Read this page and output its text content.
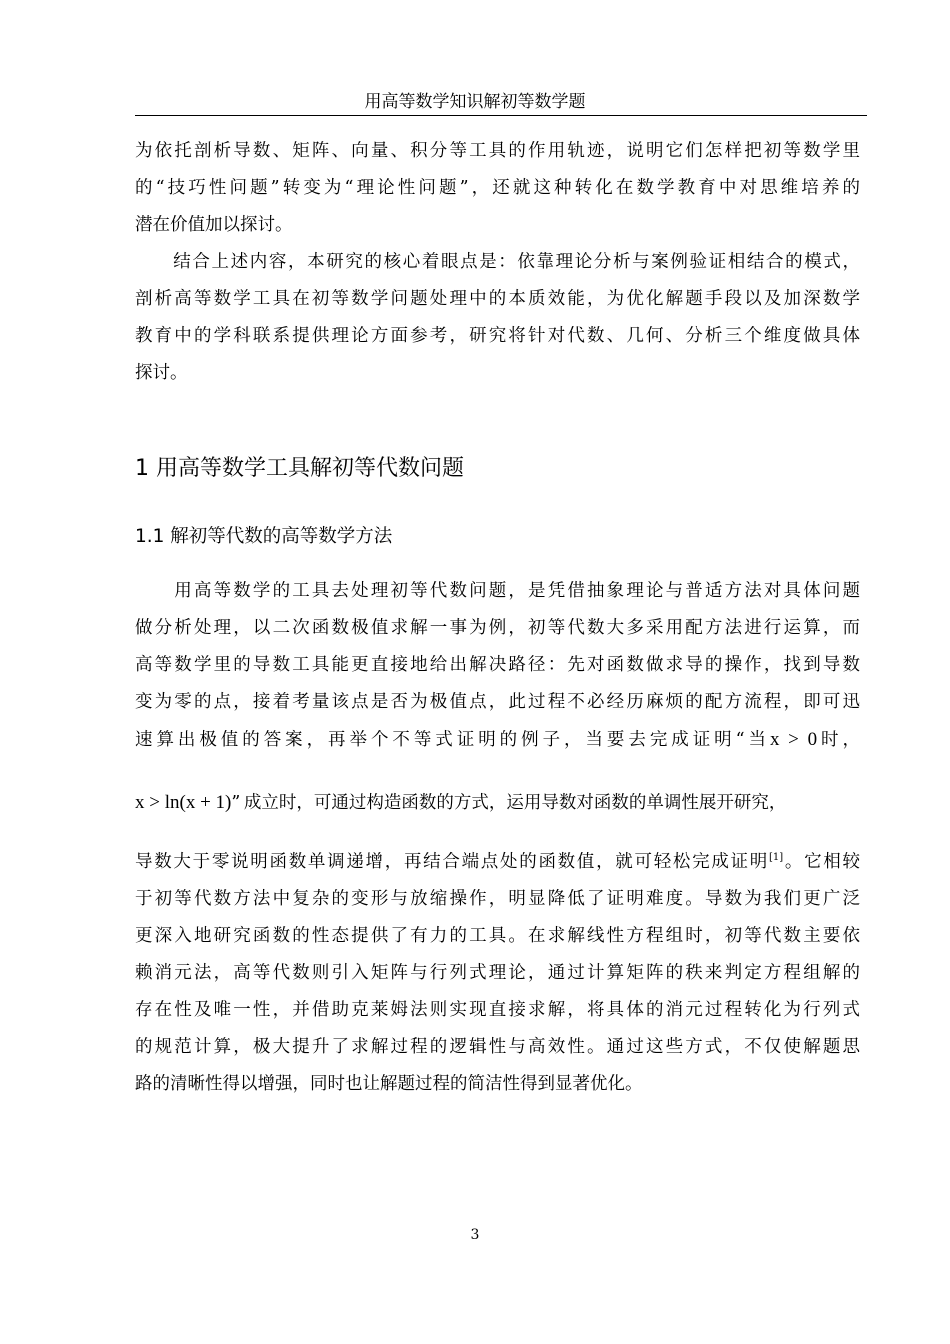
用高等数学知识解初等数学题
为依托剖析导数、矩阵、向量、积分等工具的作用轨迹，说明它们怎样把初等数学里
的“技巧性问题”转变为“理论性问题”，还就这种转化在数学教育中对思维培养的
潜在价值加以探讨。
　　结合上述内容，本研究的核心着眼点是：依靠理论分析与案例验证相结合的模式，
剖析高等数学工具在初等数学问题处理中的本质效能，为优化解题手段以及加深数学
教育中的学科联系提供理论方面参考，研究将针对代数、几何、分析三个维度做具体
探讨。
1 用高等数学工具解初等代数问题
1.1 解初等代数的高等数学方法
　　用高等数学的工具去处理初等代数问题，是凭借抽象理论与普适方法对具体问题
做分析处理，以二次函数极值求解一事为例，初等代数大多采用配方法进行运算，而
高等数学里的导数工具能更直接地给出解决路径：先对函数做求导的操作，找到导数
变为零的点，接着考量该点是否为极值点，此过程不必经历麻烦的配方流程，即可迅
速算出极值的答案，再举个不等式证明的例子，当要去完成证明“当x > 0时，
x > ln(x + 1)”  成立时，可通过构造函数的方式，运用导数对函数的单调性展开研究，
导数大于零说明函数单调递增，再结合端点处的函数值，就可轻松完成证明[1]。它相较
于初等代数方法中复杂的变形与放缩操作，明显降低了证明难度。导数为我们更广泛
更深入地研究函数的性态提供了有力的工具。在求解线性方程组时，初等代数主要依
赖消元法，高等代数则引入矩阵与行列式理论，通过计算矩阵的秩来判定方程组解的
存在性及唯一性，并借助克莱姆法则实现直接求解，将具体的消元过程转化为行列式
的规范计算，极大提升了求解过程的逻辑性与高效性。通过这些方式，不仅使解题思
路的清晰性得以增强，同时也让解题过程的简洁性得到显著优化。
3
